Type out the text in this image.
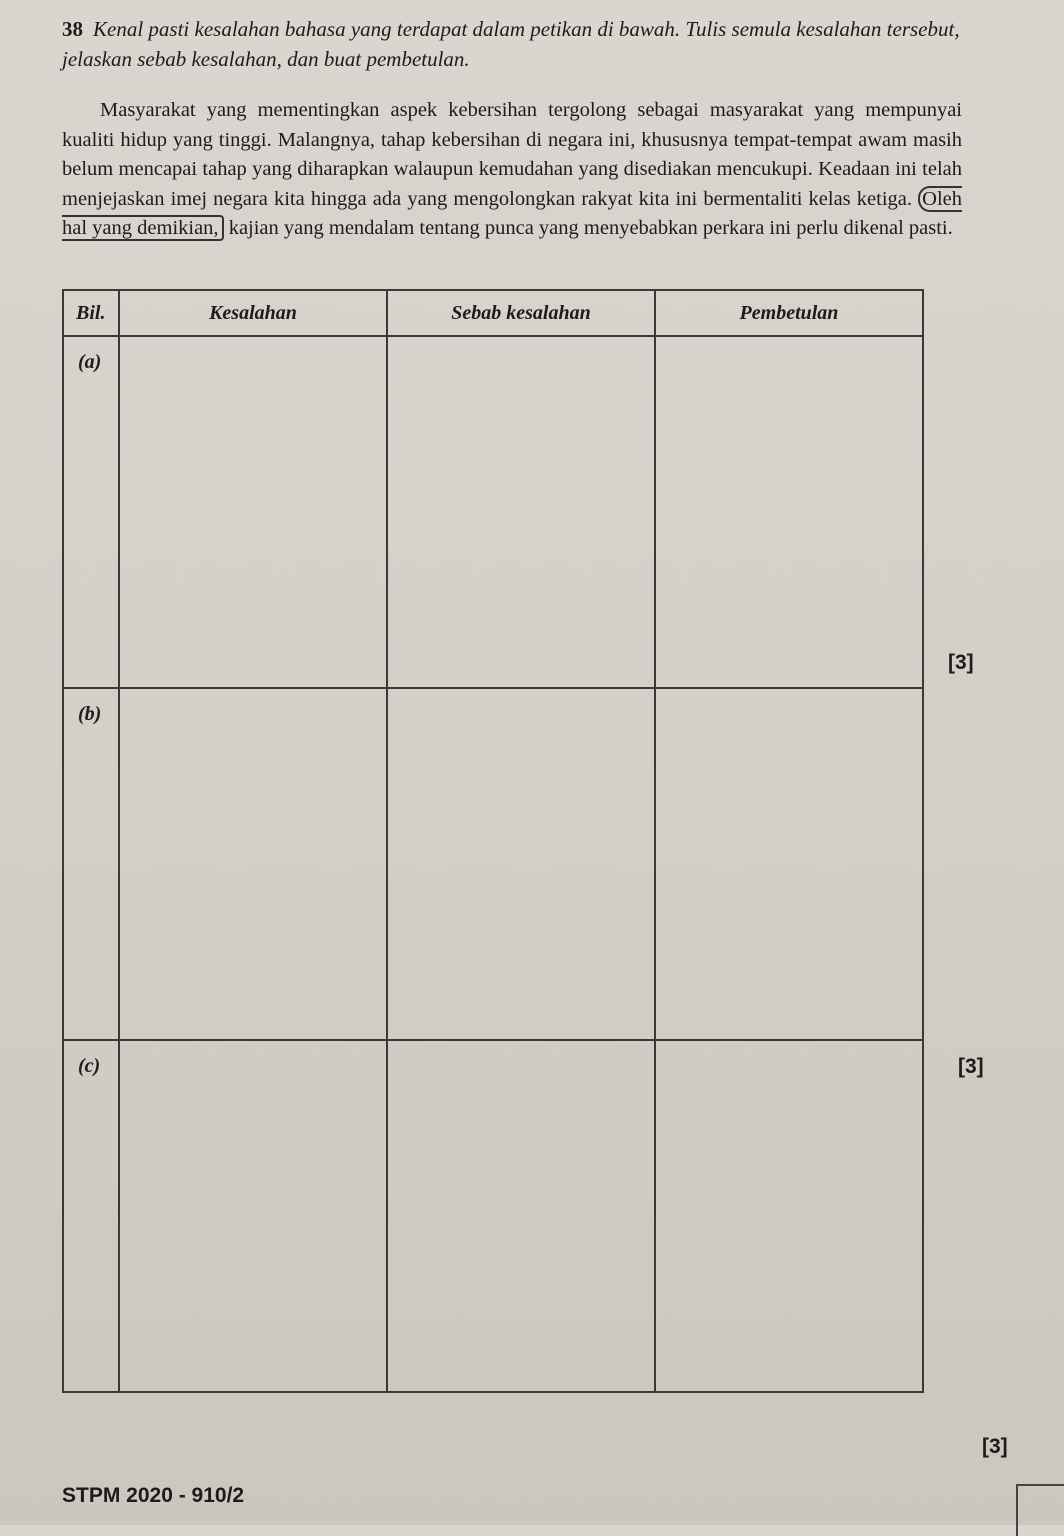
38 Kenal pasti kesalahan bahasa yang terdapat dalam petikan di bawah. Tulis semula kesalahan tersebut, jelaskan sebab kesalahan, dan buat pembetulan.
Masyarakat yang mementingkan aspek kebersihan tergolong sebagai masyarakat yang mempunyai kualiti hidup yang tinggi. Malangnya, tahap kebersihan di negara ini, khususnya tempat-tempat awam masih belum mencapai tahap yang diharapkan walaupun kemudahan yang disediakan mencukupi. Keadaan ini telah menjejaskan imej negara kita hingga ada yang mengolongkan rakyat kita ini bermentaliti kelas ketiga. Oleh hal yang demikian, kajian yang mendalam tentang punca yang menyebabkan perkara ini perlu dikenal pasti.
Bil.	Kesalahan	Sebab kesalahan	Pembetulan
(a)			
(b)			
(c)			
[3]
[3]
[3]
STPM 2020 - 910/2
